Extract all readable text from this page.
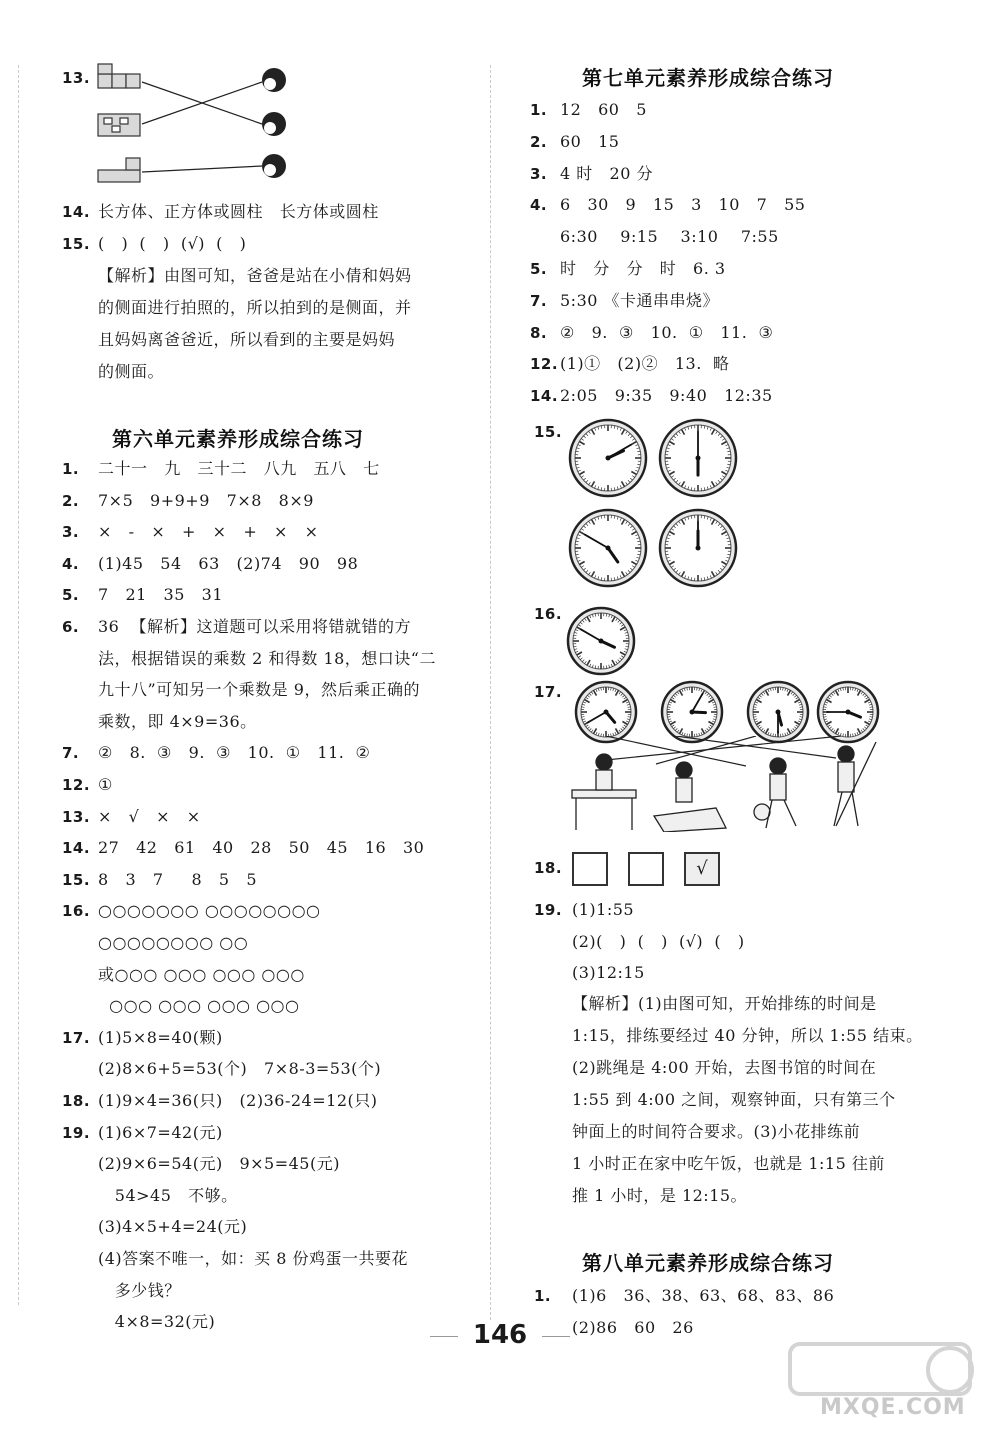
13.
14. 长方体、正方体或圆柱   长方体或圆柱
15. (   )  (   )  (√)  (   )
【解析】由图可知，爸爸是站在小倩和妈妈
的侧面进行拍照的，所以拍到的是侧面，并
且妈妈离爸爸近，所以看到的主要是妈妈
的侧面。
第六单元素养形成综合练习
1. 二十一   九   三十二   八九   五八   七
2. 7×5   9+9+9   7×8   8×9
3. ×   -   ×   +   ×   +   ×   ×
4. (1)45   54   63   (2)74   90   98
5. 7   21   35   31
6. 36  【解析】这道题可以采用将错就错的方
法，根据错误的乘数 2 和得数 18，想口诀“二
九十八”可知另一个乘数是 9，然后乘正确的
乘数，即 4×9=36。
7. ②   8.  ③   9.  ③   10.  ①   11.  ②
12. ①
13. ×   √   ×   ×
14. 27   42   61   40   28   50   45   16   30
15. 8   3   7     8   5   5
16. ○○○○○○○ ○○○○○○○○
○○○○○○○○ ○○
或○○○ ○○○ ○○○ ○○○
○○○ ○○○ ○○○ ○○○
17. (1)5×8=40(颗)
(2)8×6+5=53(个)   7×8-3=53(个)
18. (1)9×4=36(只)   (2)36-24=12(只)
19. (1)6×7=42(元)
(2)9×6=54(元)   9×5=45(元)
54>45   不够。
(3)4×5+4=24(元)
(4)答案不唯一，如：买 8 份鸡蛋一共要花
多少钱？
4×8=32(元)
第七单元素养形成综合练习
1. 12   60   5
2. 60   15
3. 4 时   20 分
4. 6   30   9   15   3   10   7   55
6:30    9:15    3:10    7:55
5. 时   分   分   时   6. 3
7. 5:30 《卡通串串烧》
8. ②   9.  ③   10.  ①   11.  ③
12. (1)①   (2)②   13.  略
14. 2:05   9:35   9:40   12:35
15.
16.
17.
18.	√
19. (1)1:55
(2)(   )  (   )  (√)  (   )
(3)12:15
【解析】(1)由图可知，开始排练的时间是
1:15，排练要经过 40 分钟，所以 1:55 结束。
(2)跳绳是 4:00 开始，去图书馆的时间在
1:55 到 4:00 之间，观察钟面，只有第三个
钟面上的时间符合要求。(3)小花排练前
1 小时正在家中吃午饭，也就是 1:15 往前
推 1 小时，是 12:15。
第八单元素养形成综合练习
1. (1)6   36、38、63、68、83、86
(2)86   60   26
146
MXQE.COM
